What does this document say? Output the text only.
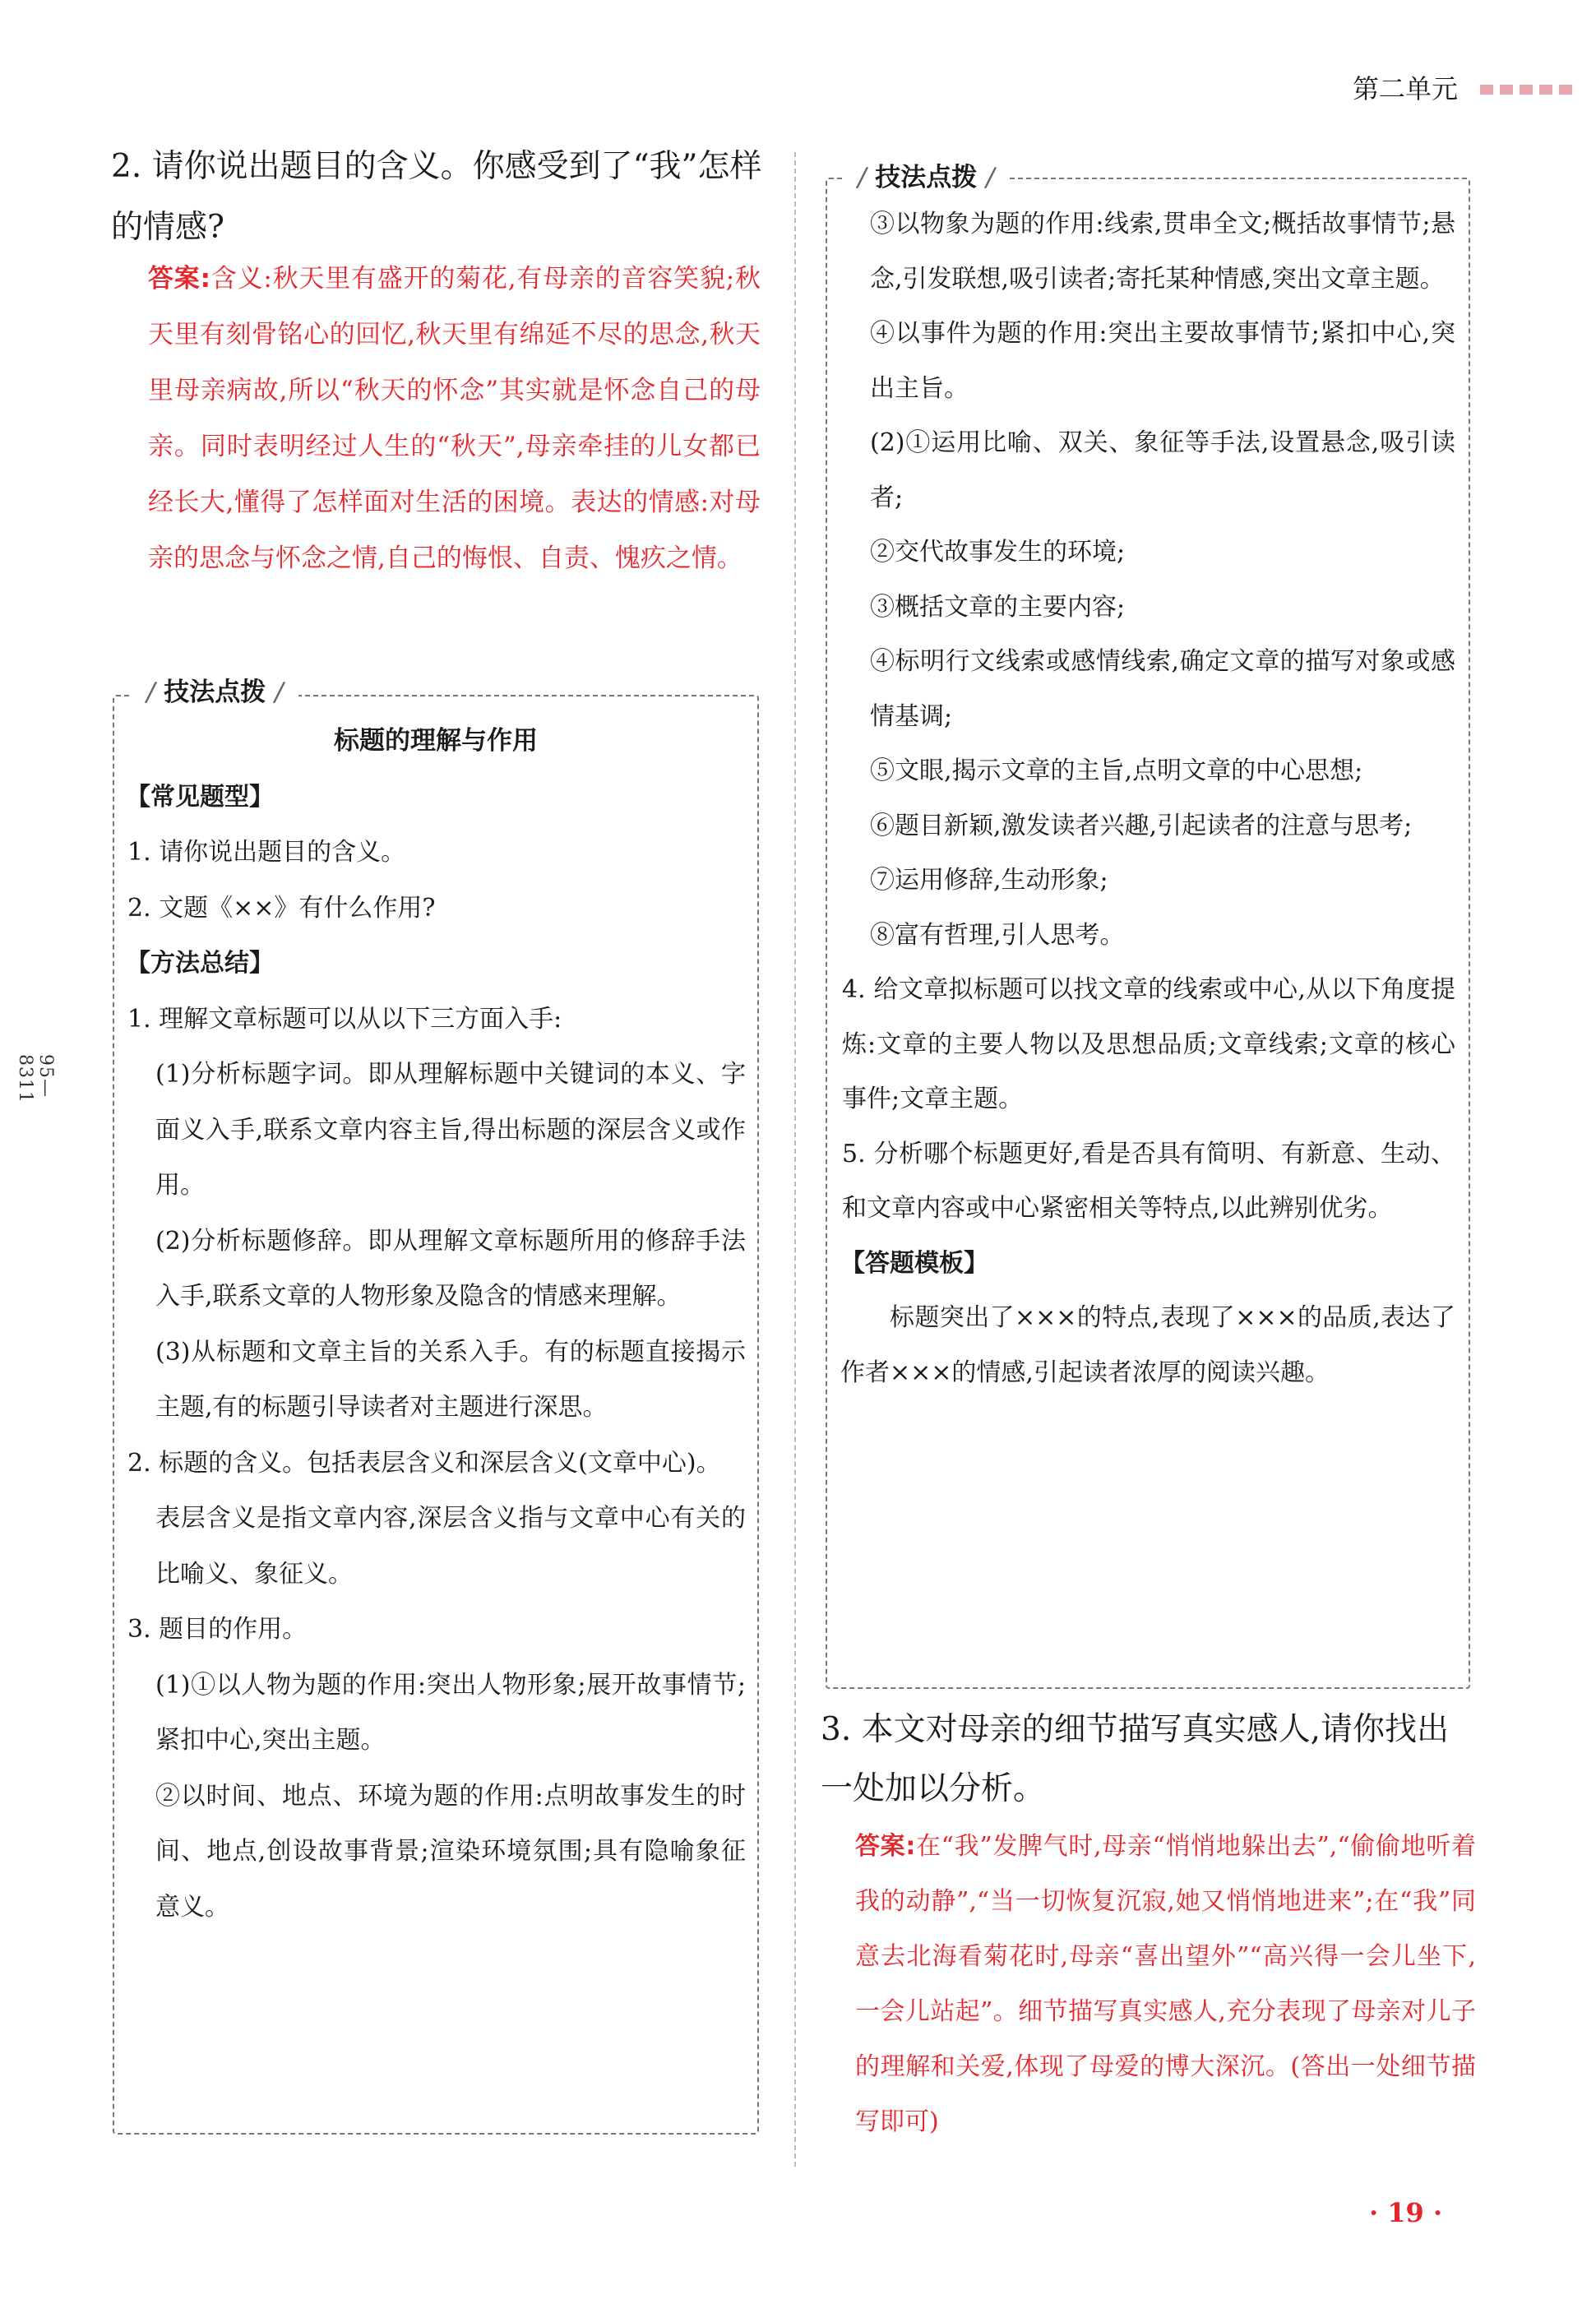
第二单元
95—8311

2. 请你说出题目的含义。你感受到了“我”怎样的情感?

答案:含义:秋天里有盛开的菊花,有母亲的音容笑貌;秋天里有刻骨铭心的回忆,秋天里有绵延不尽的思念,秋天里母亲病故,所以“秋天的怀念”其实就是怀念自己的母亲。同时表明经过人生的“秋天”,母亲牵挂的儿女都已经长大,懂得了怎样面对生活的困境。表达的情感:对母亲的思念与怀念之情,自己的悔恨、自责、愧疚之情。
∕ 技法点拨 ∕

标题的理解与作用

【常见题型】

1. 请你说出题目的含义。

2. 文题《××》有什么作用?

【方法总结】

1. 理解文章标题可以从以下三方面入手:

(1)分析标题字词。即从理解标题中关键词的本义、字面义入手,联系文章内容主旨,得出标题的深层含义或作用。

(2)分析标题修辞。即从理解文章标题所用的修辞手法入手,联系文章的人物形象及隐含的情感来理解。

(3)从标题和文章主旨的关系入手。有的标题直接揭示主题,有的标题引导读者对主题进行深思。

2. 标题的含义。包括表层含义和深层含义(文章中心)。

表层含义是指文章内容,深层含义指与文章中心有关的比喻义、象征义。

3. 题目的作用。

(1)①以人物为题的作用:突出人物形象;展开故事情节;紧扣中心,突出主题。

②以时间、地点、环境为题的作用:点明故事发生的时间、地点,创设故事背景;渲染环境氛围;具有隐喻象征意义。

∕ 技法点拨 ∕

③以物象为题的作用:线索,贯串全文;概括故事情节;悬念,引发联想,吸引读者;寄托某种情感,突出文章主题。

④以事件为题的作用:突出主要故事情节;紧扣中心,突出主旨。

(2)①运用比喻、双关、象征等手法,设置悬念,吸引读者;

②交代故事发生的环境;

③概括文章的主要内容;

④标明行文线索或感情线索,确定文章的描写对象或感情基调;

⑤文眼,揭示文章的主旨,点明文章的中心思想;

⑥题目新颖,激发读者兴趣,引起读者的注意与思考;

⑦运用修辞,生动形象;

⑧富有哲理,引人思考。

4. 给文章拟标题可以找文章的线索或中心,从以下角度提炼:文章的主要人物以及思想品质;文章线索;文章的核心事件;文章主题。

5. 分析哪个标题更好,看是否具有简明、有新意、生动、和文章内容或中心紧密相关等特点,以此辨别优劣。

【答题模板】

标题突出了×××的特点,表现了×××的品质,表达了作者×××的情感,引起读者浓厚的阅读兴趣。

3. 本文对母亲的细节描写真实感人,请你找出一处加以分析。

答案:在“我”发脾气时,母亲“悄悄地躲出去”,“偷偷地听着我的动静”,“当一切恢复沉寂,她又悄悄地进来”;在“我”同意去北海看菊花时,母亲“喜出望外”“高兴得一会儿坐下,一会儿站起”。细节描写真实感人,充分表现了母亲对儿子的理解和关爱,体现了母爱的博大深沉。(答出一处细节描写即可)
· 19 ·
